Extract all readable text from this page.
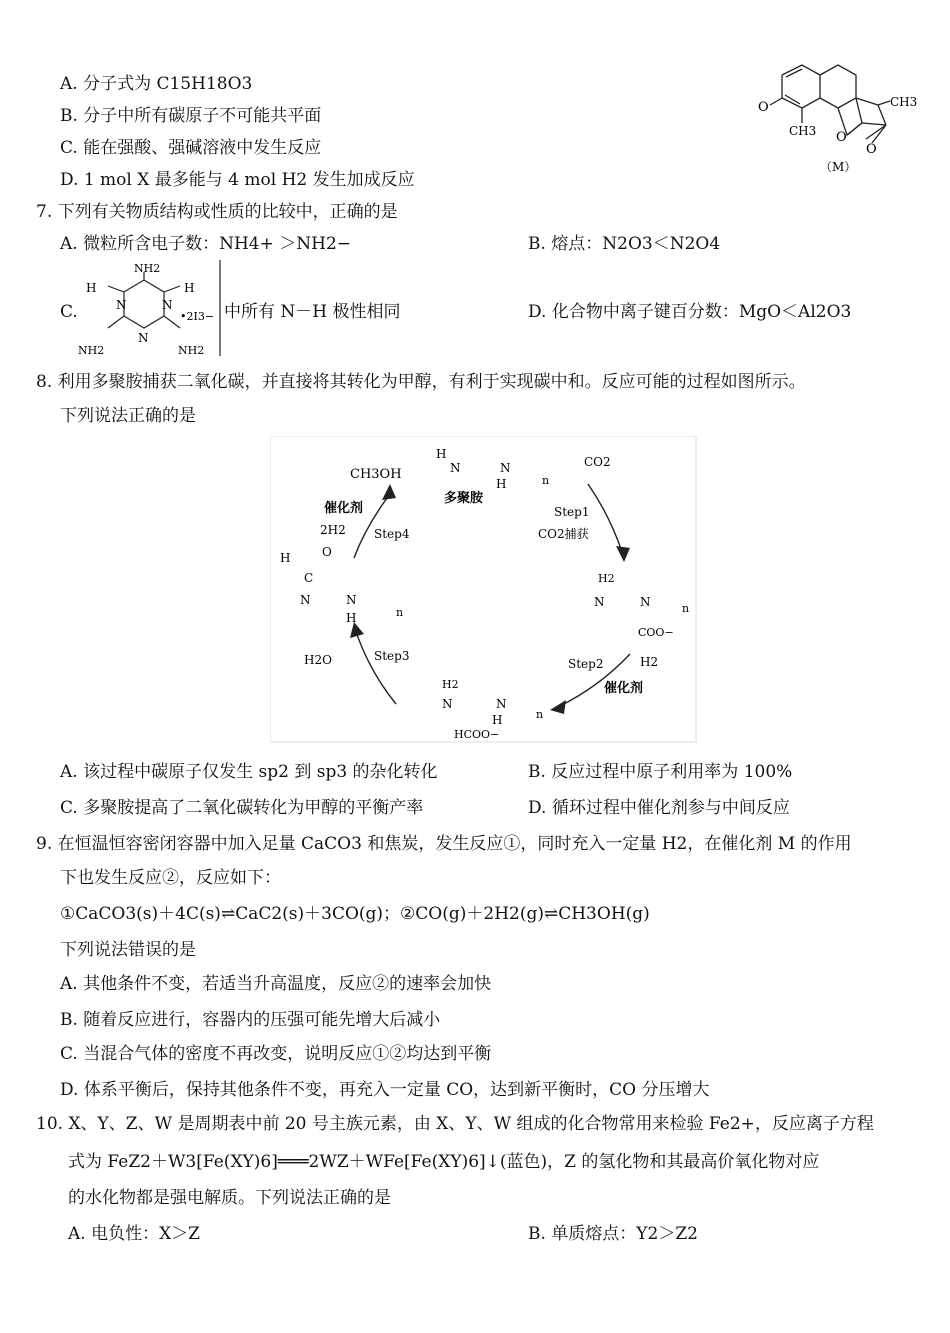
A. 分子式为 C15H18O3
B. 分子中所有碳原子不可能共平面
C. 能在强酸、强碱溶液中发生反应
D. 1 mol X 最多能与 4 mol H2 发生加成反应
O
CH3 O
CH3
O
（M）
7. 下列有关物质结构或性质的比较中，正确的是
A. 微粒所含电子数：NH4+ ＞NH2−	B. 熔点：N2O3＜N2O4
C.
NH2
H	H
N	N
N
NH2	NH2
•2I3− 中所有 N－H 极性相同	D. 化合物中离子键百分数：MgO＜Al2O3
8. 利用多聚胺捕获二氧化碳，并直接将其转化为甲醇，有利于实现碳中和。反应可能的过程如图所示。
下列说法正确的是
CH3OH
H
N	N
H	n
多聚胺
CO2
Step1
CO2捕获
H2
N	N
COO−
n
Step2	H2
催化剂
H2
N	N
H
HCOO−
n
Step3
H2O
催化剂
2H2 Step4
H
C
O
N	N
H	n
A. 该过程中碳原子仅发生 sp2 到 sp3 的杂化转化	B. 反应过程中原子利用率为 100%
C. 多聚胺提高了二氧化碳转化为甲醇的平衡产率	D. 循环过程中催化剂参与中间反应
9. 在恒温恒容密闭容器中加入足量 CaCO3 和焦炭，发生反应①，同时充入一定量 H2，在催化剂 M 的作用
下也发生反应②，反应如下：
①CaCO3(s)＋4C(s)⇌CaC2(s)＋3CO(g)；②CO(g)＋2H2(g)⇌CH3OH(g)
下列说法错误的是
A. 其他条件不变，若适当升高温度，反应②的速率会加快
B. 随着反应进行，容器内的压强可能先增大后减小
C. 当混合气体的密度不再改变，说明反应①②均达到平衡
D. 体系平衡后，保持其他条件不变，再充入一定量 CO，达到新平衡时，CO 分压增大
10. X、Y、Z、W 是周期表中前 20 号主族元素，由 X、Y、W 组成的化合物常用来检验 Fe2+，反应离子方程
式为 FeZ2＋W3[Fe(XY)6]═══2WZ＋WFe[Fe(XY)6]↓(蓝色)，Z 的氢化物和其最高价氧化物对应
的水化物都是强电解质。下列说法正确的是
A. 电负性：X＞Z	B. 单质熔点：Y2＞Z2
